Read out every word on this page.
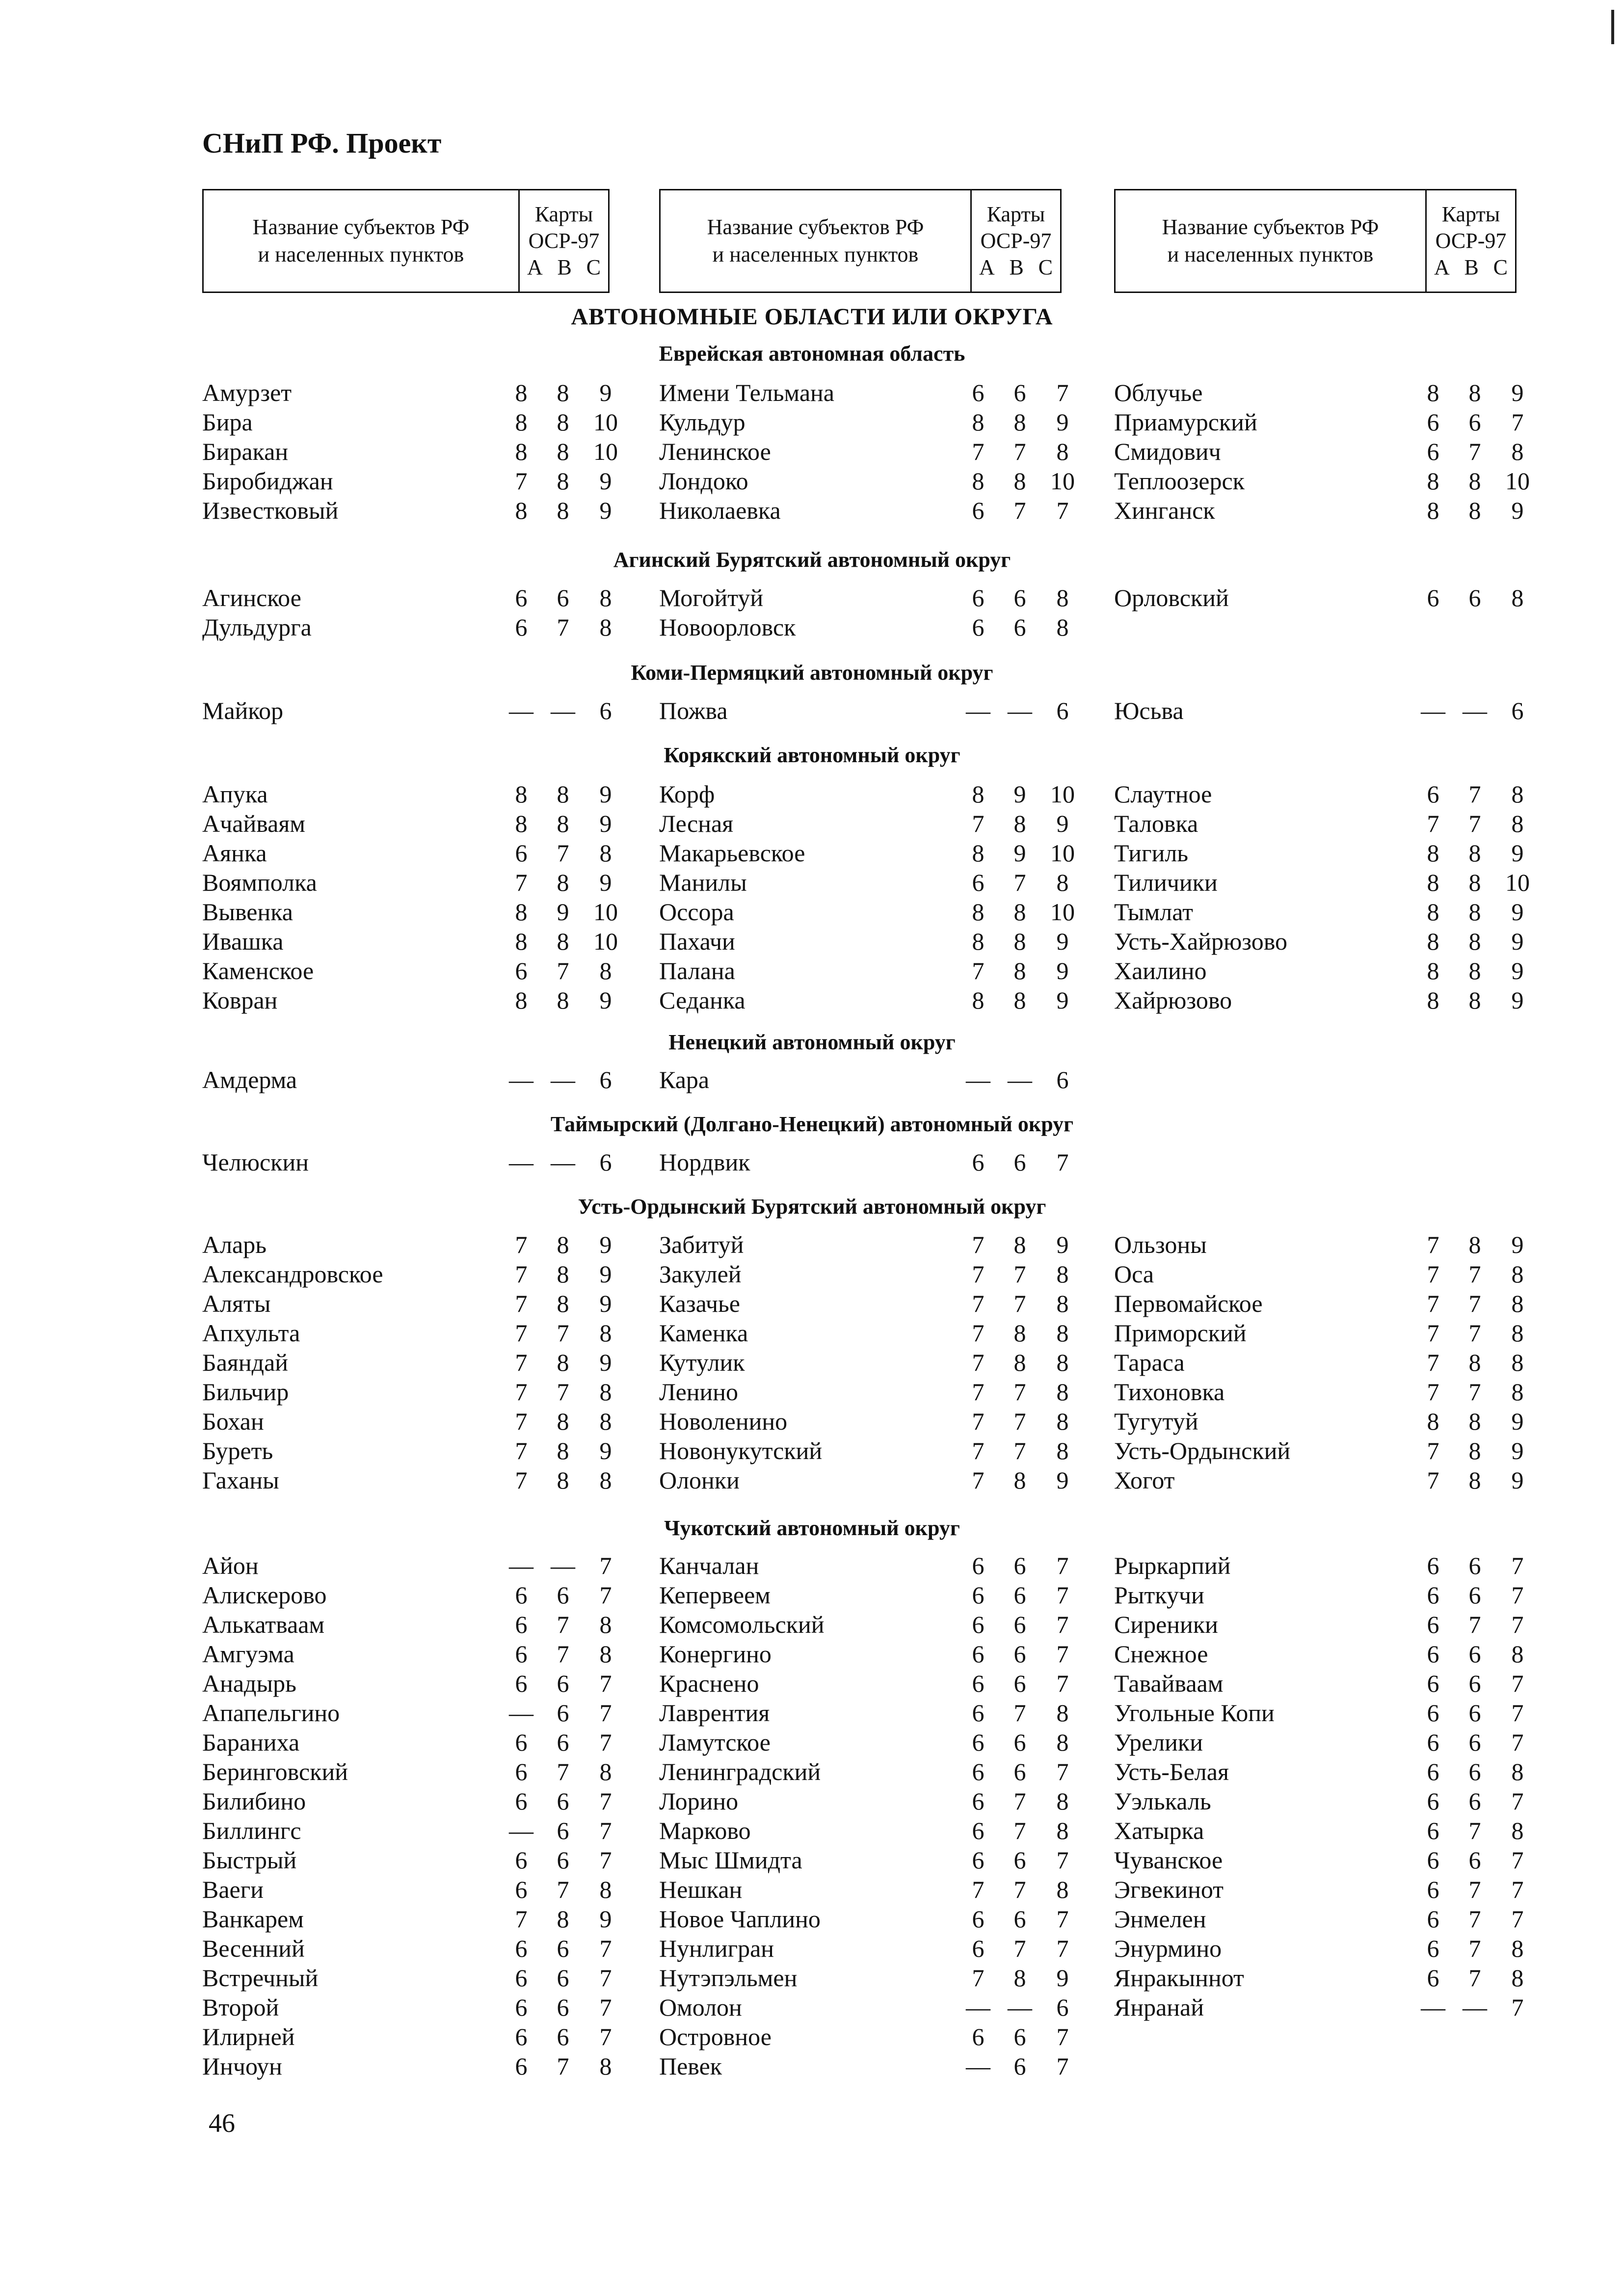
СНиП РФ. Проект
Название субъектов РФ
и населенных пунктов
Карты
ОСР-97
A B C
Название субъектов РФ
и населенных пунктов
Карты
ОСР-97
A B C
Название субъектов РФ
и населенных пунктов
Карты
ОСР-97
A B C
АВТОНОМНЫЕ ОБЛАСТИ ИЛИ ОКРУГА
Еврейская автономная область
Амурзет	8	8	9
Бира	8	8 10
Биракан	8	8 10
Биробиджан	7	8	9
Известковый	8	8	9
Имени Тельмана	6	6	7
Кульдур	8	8	9
Ленинское	7	7	8
Лондоко	8	8 10
Николаевка	6	7	7
Облучье	8	8	9
Приамурский	6	6	7
Смидович	6	7	8
Теплоозерск	8	8 10
Хинганск	8	8	9
Агинский Бурятский автономный округ
Агинское	6	6	8
Дульдурга	6	7	8
Могойтуй	6	6	8
Новоорловск	6	6	8
Орловский	6	6	8
Коми-Пермяцкий автономный округ
Майкор	— — 6	Пожва	— — 6	Юсьва	— — 6
Корякский автономный округ
Апука	8	8	9
Ачайваям	8	8	9
Аянка	6	7	8
Воямполка	7	8	9
Вывенка	8	9 10
Ивашка	8	8 10
Каменское	6	7	8
Ковран	8	8	9
Корф	8	9 10
Лесная	7	8	9
Макарьевское	8	9 10
Манилы	6	7	8
Оссора	8	8 10
Пахачи	8	8	9
Палана	7	8	9
Седанка	8	8	9
Слаутное	6	7	8
Таловка	7	7	8
Тигиль	8	8	9
Тиличики	8	8 10
Тымлат	8	8	9
Усть-Хайрюзово	8	8	9
Хаилино	8	8	9
Хайрюзово	8	8	9
Ненецкий автономный округ
Амдерма	— — 6	Кара	— — 6
Таймырский (Долгано-Ненецкий) автономный округ
Челюскин	— — 6	Нордвик	6	6	7
Усть-Ордынский Бурятский автономный округ
Аларь	7	8	9
Александровское	7	8	9
Аляты	7	8	9
Апхульта	7	7	8
Баяндай	7	8	9
Бильчир	7	7	8
Бохан	7	8	8
Буреть	7	8	9
Гаханы	7	8	8
Забитуй	7	8	9
Закулей	7	7	8
Казачье	7	7	8
Каменка	7	8	8
Кутулик	7	8	8
Ленино	7	7	8
Новоленино	7	7	8
Новонукутский	7	7	8
Олонки	7	8	9
Ользоны	7	8	9
Оса	7	7	8
Первомайское	7	7	8
Приморский	7	7	8
Тараса	7	8	8
Тихоновка	7	7	8
Тугутуй	8	8	9
Усть-Ордынский	7	8	9
Хогот	7	8	9
Чукотский автономный округ
Айон	— — 7
Алискерово	6	6	7
Алькатваам	6	7	8
Амгуэма	6	7	8
Анадырь	6	6	7
Апапельгино	— 6	7
Бараниха	6	6	7
Беринговский	6	7	8
Билибино	6	6	7
Биллингс	— 6	7
Быстрый	6	6	7
Ваеги	6	7	8
Ванкарем	7	8	9
Весенний	6	6	7
Встречный	6	6	7
Второй	6	6	7
Илирней	6	6	7
Инчоун	6	7	8
Канчалан	6	6	7
Кепервеем	6	6	7
Комсомольский	6	6	7
Конергино	6	6	7
Краснено	6	6	7
Лаврентия	6	7	8
Ламутское	6	6	8
Ленинградский	6	6	7
Лорино	6	7	8
Марково	6	7	8
Мыс Шмидта	6	6	7
Нешкан	7	7	8
Новое Чаплино	6	6	7
Нунлигран	6	7	7
Нутэпэльмен	7	8	9
Омолон	— — 6
Островное	6	6	7
Певек	— 6	7
Рыркарпий	6	6	7
Рыткучи	6	6	7
Сиреники	6	7	7
Снежное	6	6	8
Тавайваам	6	6	7
Угольные Копи	6	6	7
Урелики	6	6	7
Усть-Белая	6	6	8
Уэлькаль	6	6	7
Хатырка	6	7	8
Чуванское	6	6	7
Эгвекинот	6	7	7
Энмелен	6	7	7
Энурмино	6	7	8
Янракыннот	6	7	8
Янранай	— — 7
46
